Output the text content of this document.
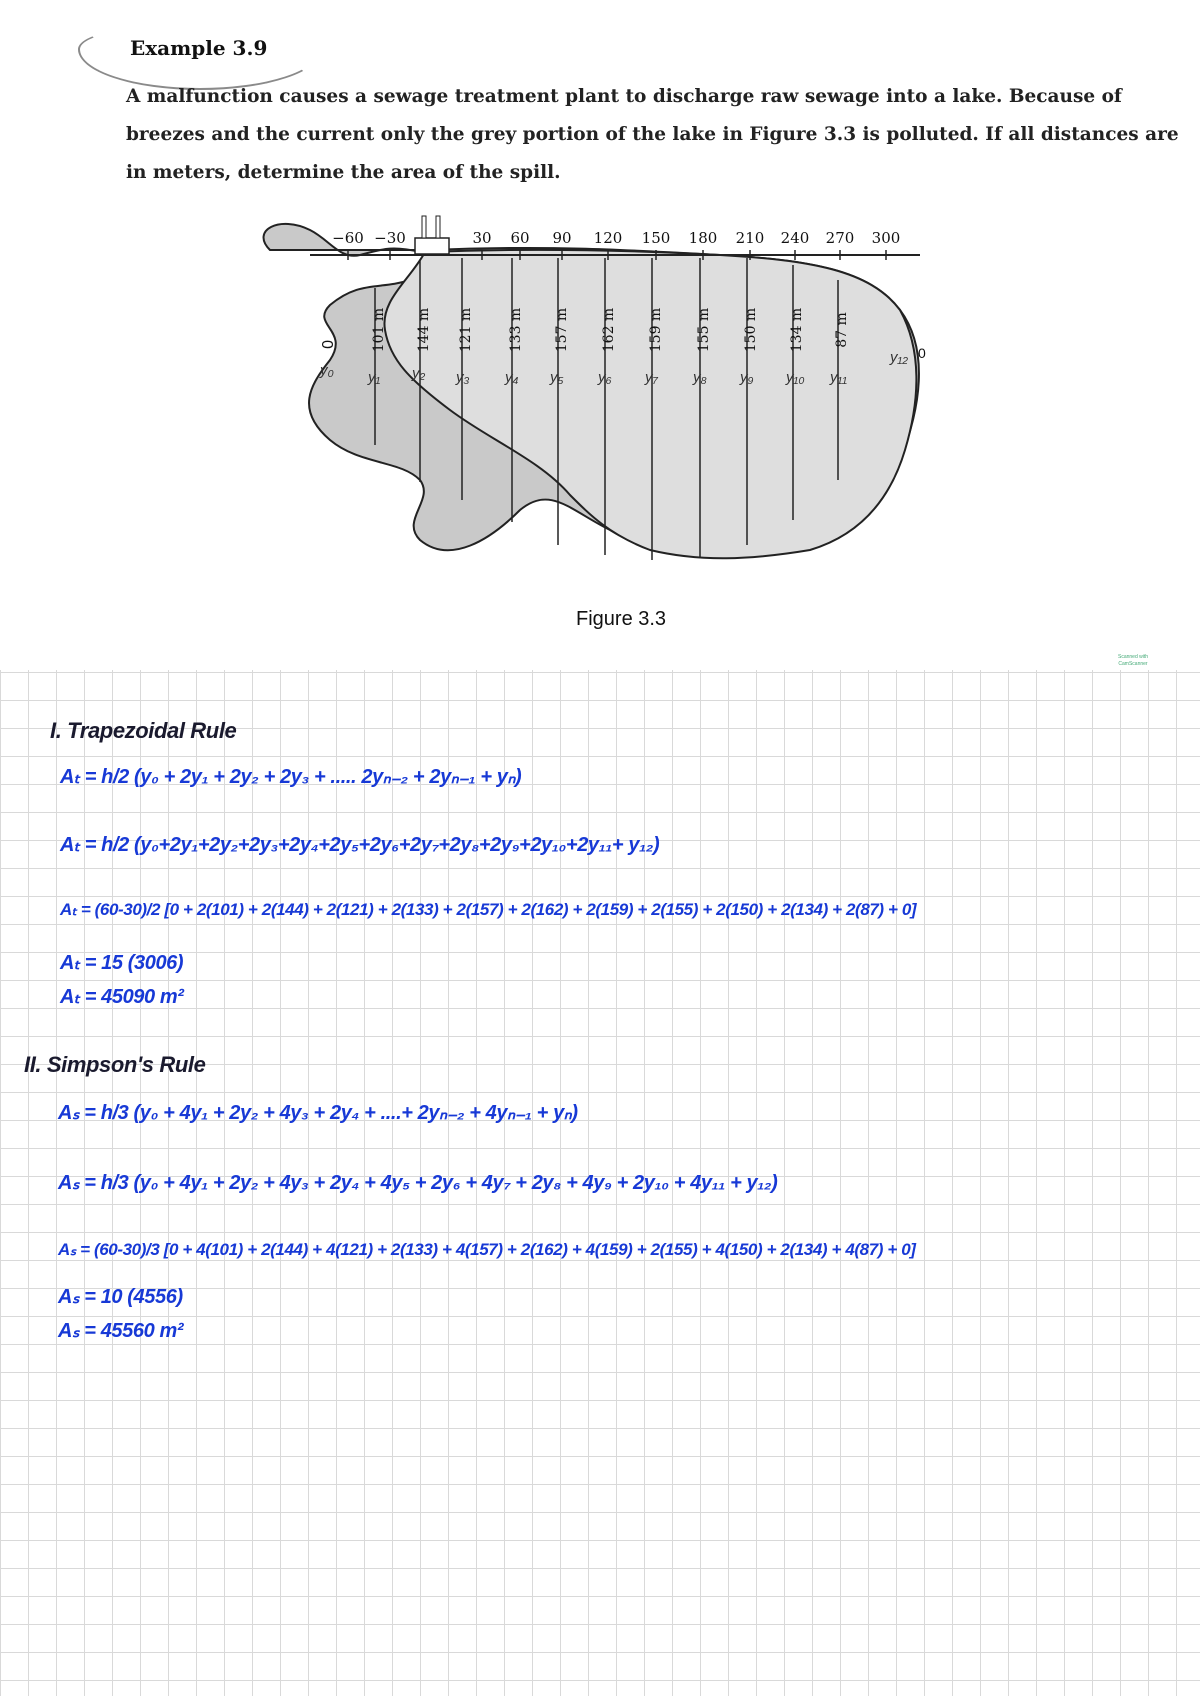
Example 3.9

A malfunction causes a sewage treatment plant to discharge raw sewage into a lake. Because of

breezes and the current only the grey portion of the lake in Figure 3.3 is polluted. If all distances are

in meters, determine the area of the spill.

−60 −30	30 60 90 120 150 180 210 240 270 300
101 m 144 m 121 m 133 m 157 m 162 m 159 m 155 m 150 m 134 m 87 m
y₀ y₁ y₂ y₃ y₄ y₅ y₆ y₇ y₈ y₉ y₁₀ y₁₁
y₁₂
0
0
Figure 3.3
Scanned with CamScanner
I. Trapezoidal Rule
Aₜ = h/2 (y₀ + 2y₁ + 2y₂ + 2y₃ + ..... 2yₙ₋₂ + 2yₙ₋₁ + yₙ)
Aₜ = h/2 (y₀+2y₁+2y₂+2y₃+2y₄+2y₅+2y₆+2y₇+2y₈+2y₉+2y₁₀+2y₁₁+ y₁₂)
Aₜ = (60-30)/2 [0 + 2(101) + 2(144) + 2(121) + 2(133) + 2(157) + 2(162) + 2(159) + 2(155) + 2(150) + 2(134) + 2(87) + 0]
Aₜ = 15 (3006)
Aₜ = 45090 m²
II. Simpson's Rule
Aₛ = h/3 (y₀ + 4y₁ + 2y₂ + 4y₃ + 2y₄ + ....+ 2yₙ₋₂ + 4yₙ₋₁ + yₙ)
Aₛ = h/3 (y₀ + 4y₁ + 2y₂ + 4y₃ + 2y₄ + 4y₅ + 2y₆ + 4y₇ + 2y₈ + 4y₉ + 2y₁₀ + 4y₁₁ + y₁₂)
Aₛ = (60-30)/3 [0 + 4(101) + 2(144) + 4(121) + 2(133) + 4(157) + 2(162) + 4(159) + 2(155) + 4(150) + 2(134) + 4(87) + 0]
Aₛ = 10 (4556)
Aₛ = 45560 m²
